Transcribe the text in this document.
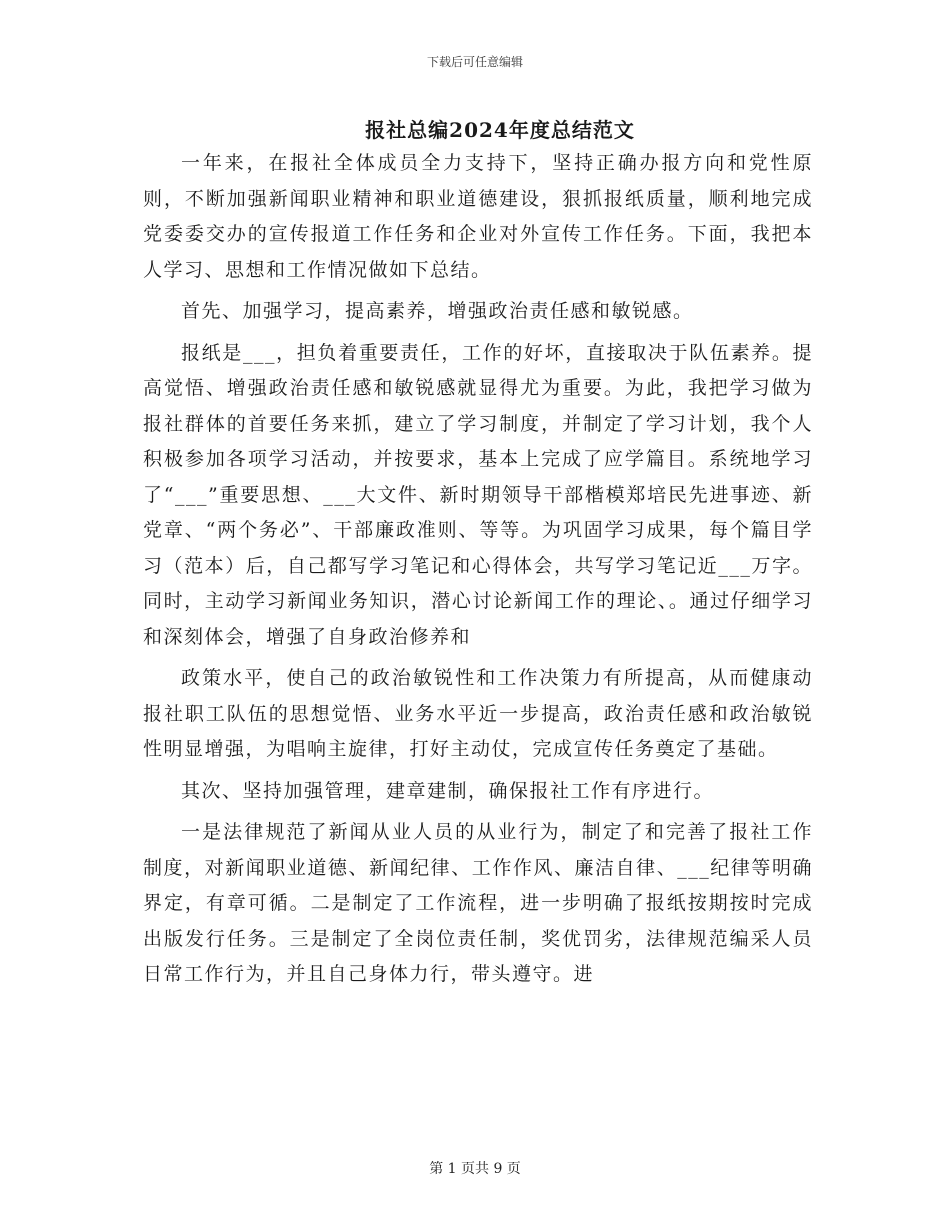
下载后可任意编辑
报社总编2024年度总结范文

一年来，在报社全体成员全力支持下，坚持正确办报方向和党性原则，不断加强新闻职业精神和职业道德建设，狠抓报纸质量，顺利地完成党委委交办的宣传报道工作任务和企业对外宣传工作任务。下面，我把本人学习、思想和工作情况做如下总结。

首先、加强学习，提高素养，增强政治责任感和敏锐感。

报纸是___，担负着重要责任，工作的好坏，直接取决于队伍素养。提高觉悟、增强政治责任感和敏锐感就显得尤为重要。为此，我把学习做为报社群体的首要任务来抓，建立了学习制度，并制定了学习计划，我个人积极参加各项学习活动，并按要求，基本上完成了应学篇目。系统地学习了“___”重要思想、___大文件、新时期领导干部楷模郑培民先进事迹、新党章、“两个务必”、干部廉政准则、等等。为巩固学习成果，每个篇目学习（范本）后，自己都写学习笔记和心得体会，共写学习笔记近___万字。同时，主动学习新闻业务知识，潜心讨论新闻工作的理论、。通过仔细学习和深刻体会，增强了自身政治修养和

政策水平，使自己的政治敏锐性和工作决策力有所提高，从而健康动报社职工队伍的思想觉悟、业务水平近一步提高，政治责任感和政治敏锐性明显增强，为唱响主旋律，打好主动仗，完成宣传任务奠定了基础。

其次、坚持加强管理，建章建制，确保报社工作有序进行。

一是法律规范了新闻从业人员的从业行为，制定了和完善了报社工作制度，对新闻职业道德、新闻纪律、工作作风、廉洁自律、___纪律等明确界定，有章可循。二是制定了工作流程，进一步明确了报纸按期按时完成出版发行任务。三是制定了全岗位责任制，奖优罚劣，法律规范编采人员日常工作行为，并且自己身体力行，带头遵守。进

第 1 页共 9 页
